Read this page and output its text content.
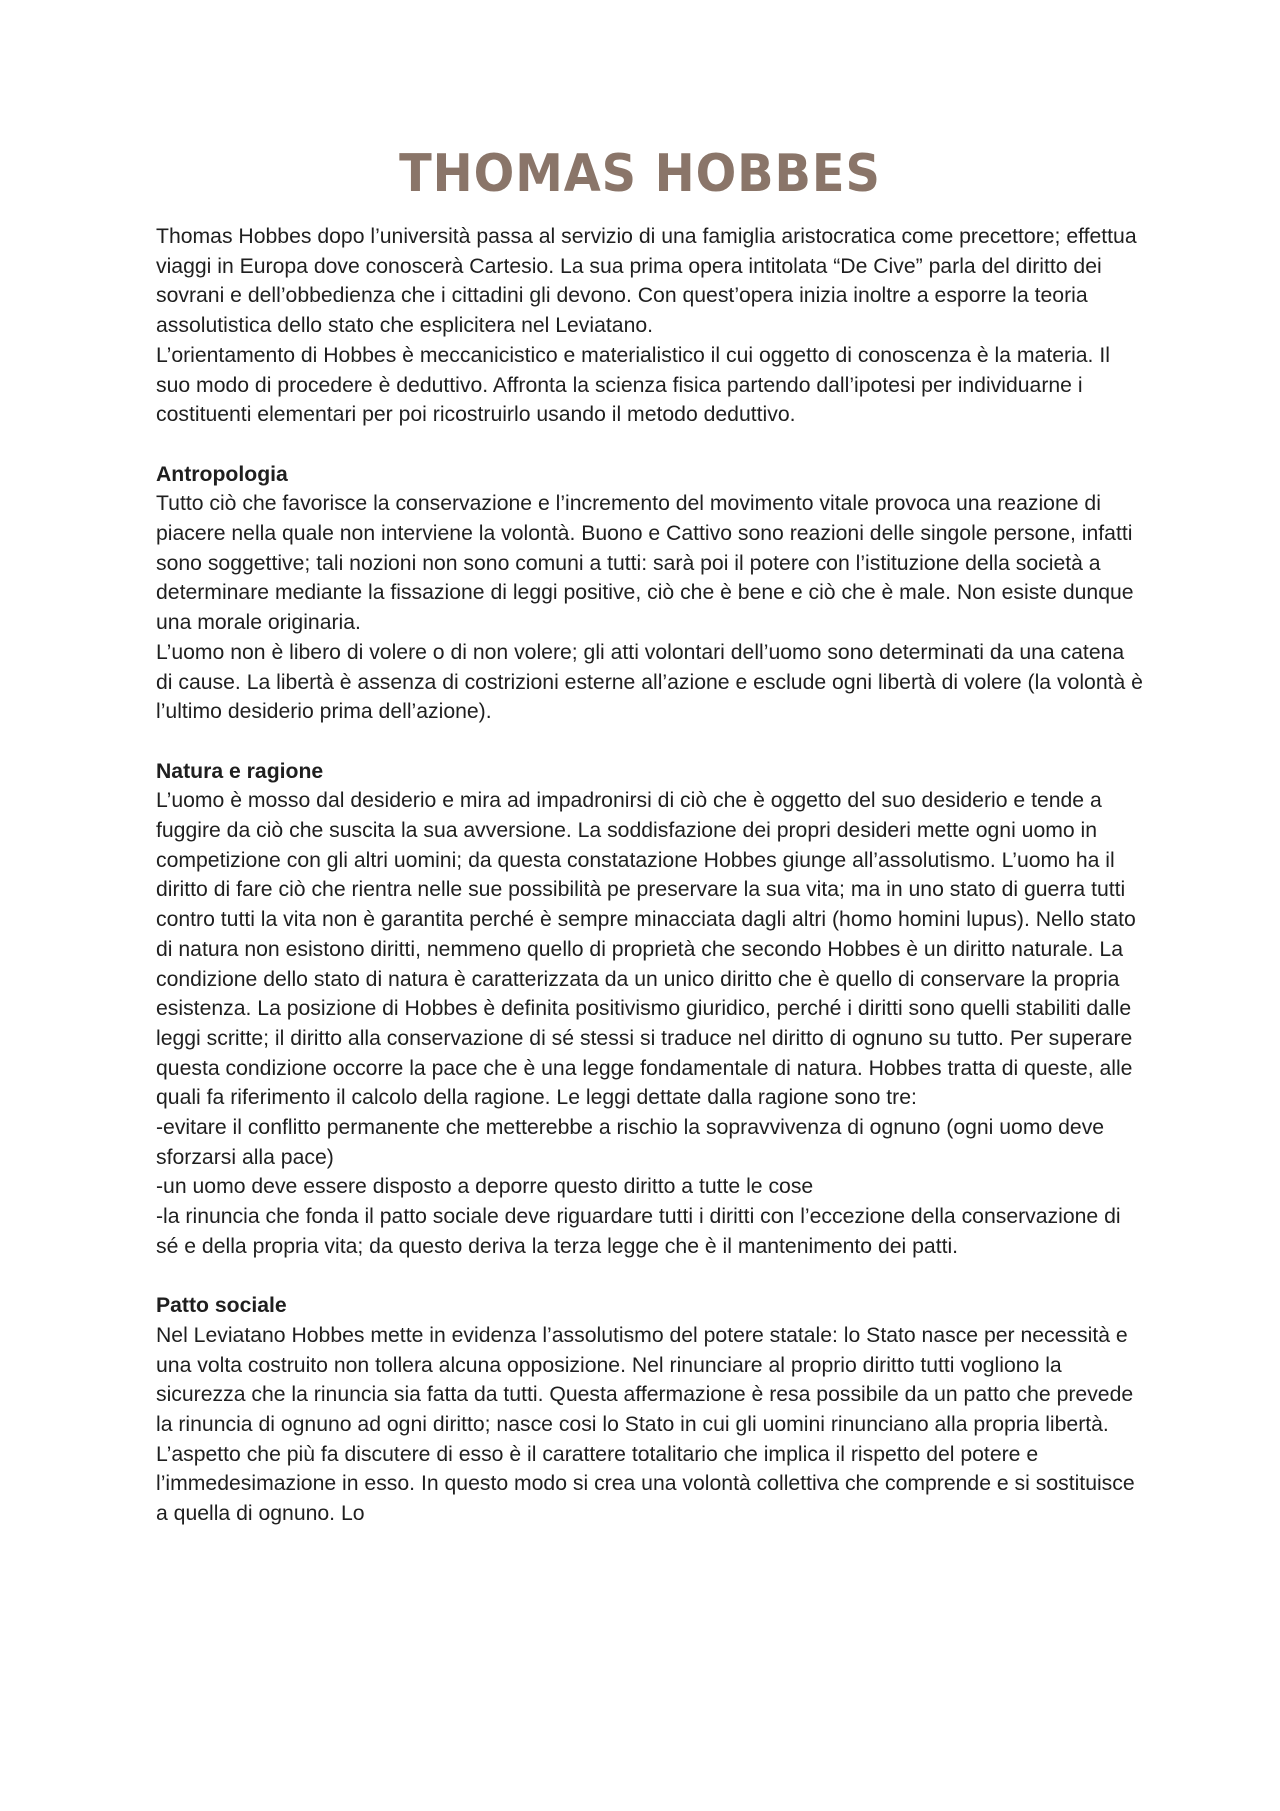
THOMAS HOBBES

Thomas Hobbes dopo l’università passa al servizio di una famiglia aristocratica come precettore; effettua viaggi in Europa dove conoscerà Cartesio. La sua prima opera intitolata “De Cive” parla del diritto dei sovrani e dell’obbedienza che i cittadini gli devono. Con quest’opera inizia inoltre a esporre la teoria assolutistica dello stato che esplicitera nel Leviatano.

L’orientamento di Hobbes è meccanicistico e materialistico il cui oggetto di conoscenza è la materia. Il suo modo di procedere è deduttivo. Affronta la scienza fisica partendo dall’ipotesi per individuarne i costituenti elementari per poi ricostruirlo usando il metodo deduttivo.

Antropologia

Tutto ciò che favorisce la conservazione e l’incremento del movimento vitale provoca una reazione di piacere nella quale non interviene la volontà. Buono e Cattivo sono reazioni delle singole persone, infatti sono soggettive; tali nozioni non sono comuni a tutti: sarà poi il potere con l’istituzione della società a determinare mediante la fissazione di leggi positive, ciò che è bene e ciò che è male. Non esiste dunque una morale originaria.

L’uomo non è libero di volere o di non volere; gli atti volontari dell’uomo sono determinati da una catena di cause. La libertà è assenza di costrizioni esterne all’azione e esclude ogni libertà di volere (la volontà è l’ultimo desiderio prima dell’azione).

Natura e ragione

L’uomo è mosso dal desiderio e mira ad impadronirsi di ciò che è oggetto del suo desiderio e tende a fuggire da ciò che suscita la sua avversione. La soddisfazione dei propri desideri mette ogni uomo in competizione con gli altri uomini; da questa constatazione Hobbes giunge all’assolutismo. L’uomo ha il diritto di fare ciò che rientra nelle sue possibilità pe preservare la sua vita; ma in uno stato di guerra tutti contro tutti la vita non è garantita perché è sempre minacciata dagli altri (homo homini lupus). Nello stato di natura non esistono diritti, nemmeno quello di proprietà che secondo Hobbes è un diritto naturale. La condizione dello stato di natura è caratterizzata da un unico diritto che è quello di conservare la propria esistenza. La posizione di Hobbes è definita positivismo giuridico, perché i diritti sono quelli stabiliti dalle leggi scritte; il diritto alla conservazione di sé stessi si traduce nel diritto di ognuno su tutto. Per superare questa condizione occorre la pace che è una legge fondamentale di natura. Hobbes tratta di queste, alle quali fa riferimento il calcolo della ragione. Le leggi dettate dalla ragione sono tre:

-evitare il conflitto permanente che metterebbe a rischio la sopravvivenza di ognuno (ogni uomo deve sforzarsi alla pace)

-un uomo deve essere disposto a deporre questo diritto a tutte le cose

-la rinuncia che fonda il patto sociale deve riguardare tutti i diritti con l’eccezione della conservazione di sé e della propria vita; da questo deriva la terza legge che è il mantenimento dei patti.

Patto sociale

Nel Leviatano Hobbes mette in evidenza l’assolutismo del potere statale: lo Stato nasce per necessità e una volta costruito non tollera alcuna opposizione. Nel rinunciare al proprio diritto tutti vogliono la sicurezza che la rinuncia sia fatta da tutti. Questa affermazione è resa possibile da un patto che prevede la rinuncia di ognuno ad ogni diritto; nasce cosi lo Stato in cui gli uomini rinunciano alla propria libertà. L’aspetto che più fa discutere di esso è il carattere totalitario che implica il rispetto del potere e l’immedesimazione in esso. In questo modo si crea una volontà collettiva che comprende e si sostituisce a quella di ognuno. Lo
